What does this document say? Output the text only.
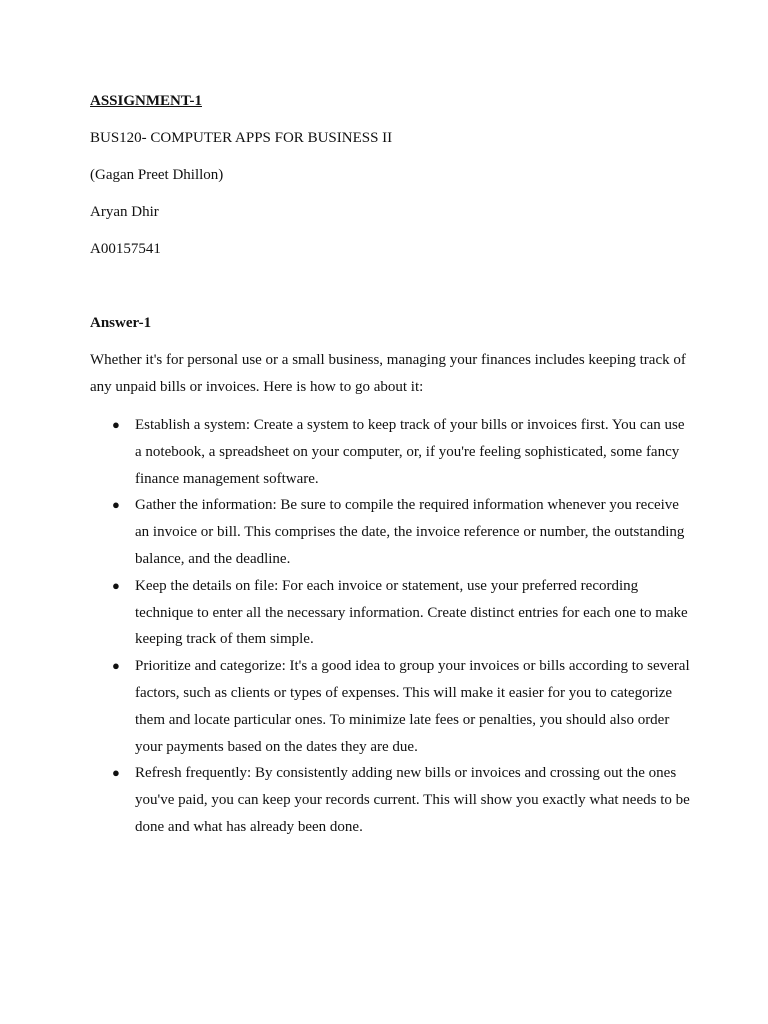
ASSIGNMENT-1

BUS120- COMPUTER APPS FOR BUSINESS II

(Gagan Preet Dhillon)

Aryan Dhir

A00157541

Answer-1

Whether it's for personal use or a small business, managing your finances includes keeping track of any unpaid bills or invoices. Here is how to go about it:

● Establish a system: Create a system to keep track of your bills or invoices first. You can use a notebook, a spreadsheet on your computer, or, if you're feeling sophisticated, some fancy finance management software.
● Gather the information: Be sure to compile the required information whenever you receive an invoice or bill. This comprises the date, the invoice reference or number, the outstanding balance, and the deadline.
● Keep the details on file: For each invoice or statement, use your preferred recording technique to enter all the necessary information. Create distinct entries for each one to make keeping track of them simple.
● Prioritize and categorize: It's a good idea to group your invoices or bills according to several factors, such as clients or types of expenses. This will make it easier for you to categorize them and locate particular ones. To minimize late fees or penalties, you should also order your payments based on the dates they are due.
● Refresh frequently: By consistently adding new bills or invoices and crossing out the ones you've paid, you can keep your records current. This will show you exactly what needs to be done and what has already been done.
